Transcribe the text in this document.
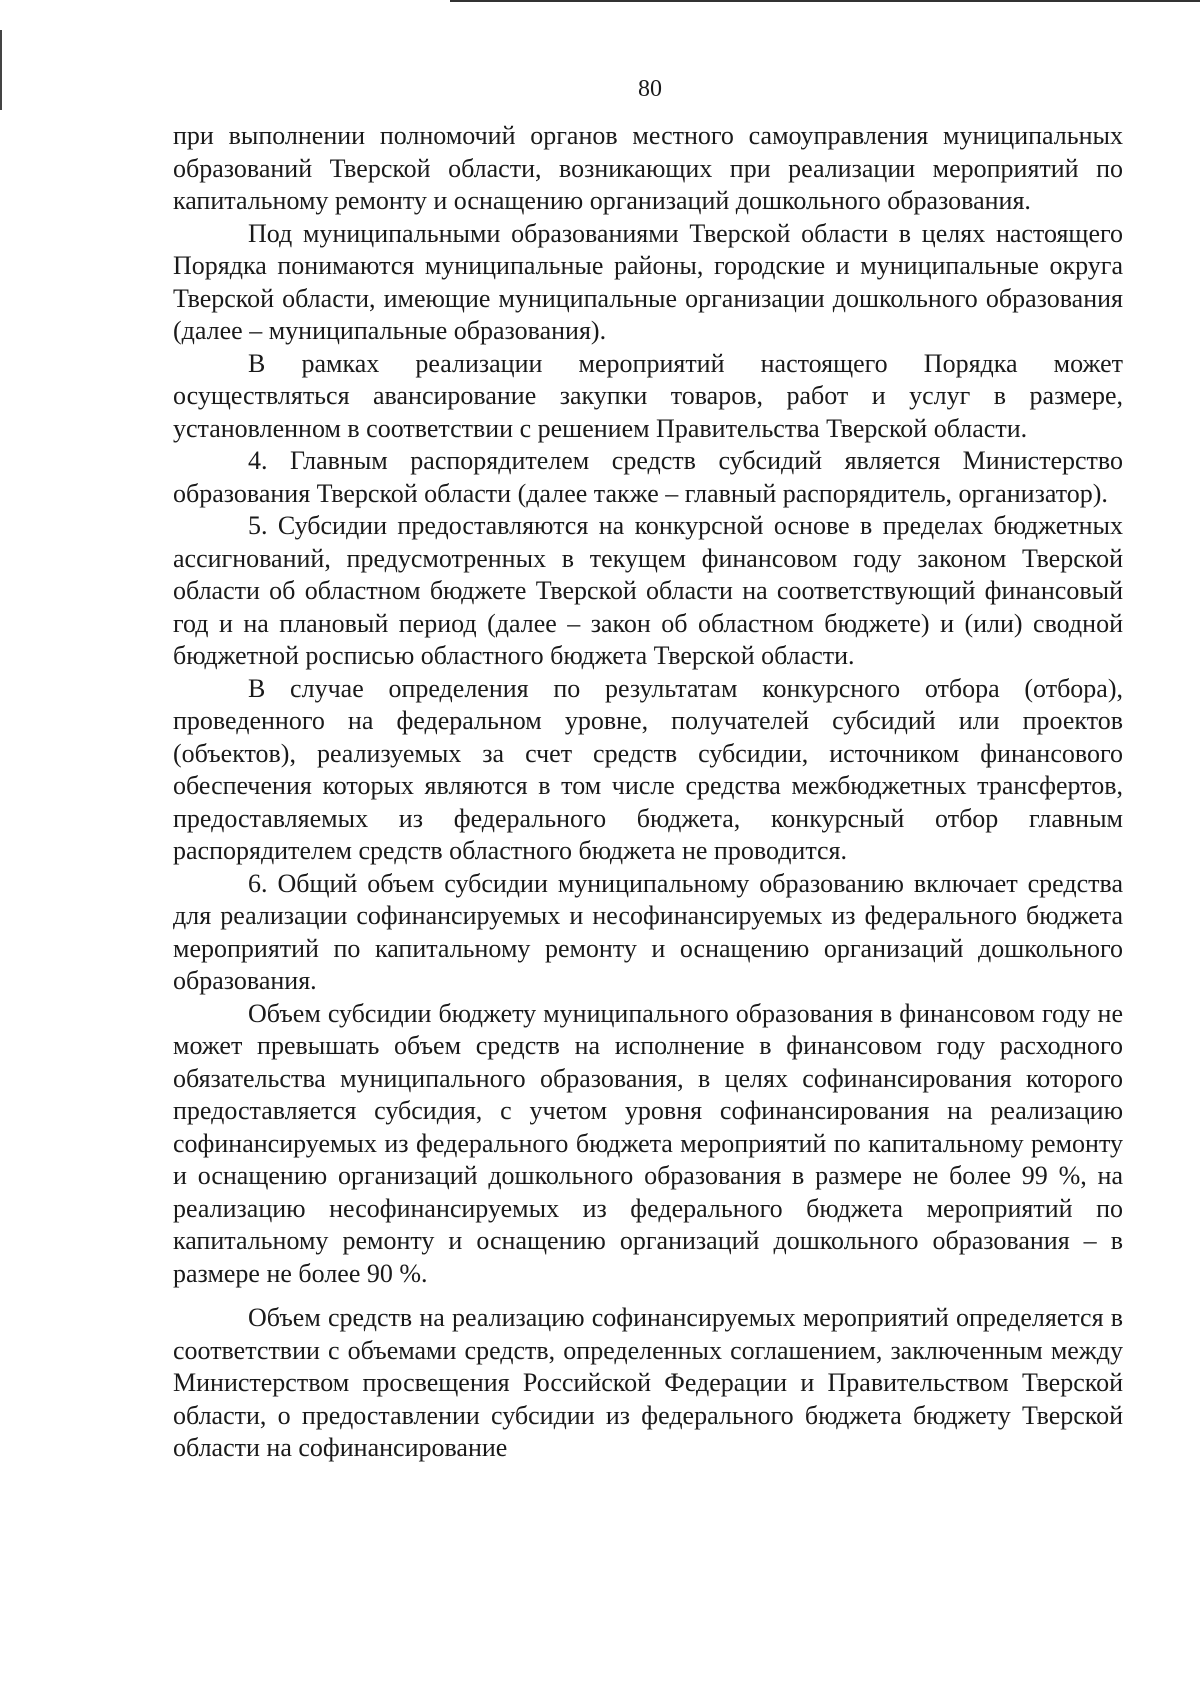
80

при выполнении полномочий органов местного самоуправления муниципальных образований Тверской области, возникающих при реализации мероприятий по капитальному ремонту и оснащению организаций дошкольного образования.

Под муниципальными образованиями Тверской области в целях настоящего Порядка понимаются муниципальные районы, городские и муниципальные округа Тверской области, имеющие муниципальные организации дошкольного образования (далее – муниципальные образования).

В рамках реализации мероприятий настоящего Порядка может осуществляться авансирование закупки товаров, работ и услуг в размере, установленном в соответствии с решением Правительства Тверской области.

4. Главным распорядителем средств субсидий является Министерство образования Тверской области (далее также – главный распорядитель, организатор).

5. Субсидии предоставляются на конкурсной основе в пределах бюджетных ассигнований, предусмотренных в текущем финансовом году законом Тверской области об областном бюджете Тверской области на соответствующий финансовый год и на плановый период (далее – закон об областном бюджете) и (или) сводной бюджетной росписью областного бюджета Тверской области.

В случае определения по результатам конкурсного отбора (отбора), проведенного на федеральном уровне, получателей субсидий или проектов (объектов), реализуемых за счет средств субсидии, источником финансового обеспечения которых являются в том числе средства межбюджетных трансфертов, предоставляемых из федерального бюджета, конкурсный отбор главным распорядителем средств областного бюджета не проводится.

6. Общий объем субсидии муниципальному образованию включает средства для реализации софинансируемых и несофинансируемых из федерального бюджета мероприятий по капитальному ремонту и оснащению организаций дошкольного образования.

Объем субсидии бюджету муниципального образования в финансовом году не может превышать объем средств на исполнение в финансовом году расходного обязательства муниципального образования, в целях софинансирования которого предоставляется субсидия, с учетом уровня софинансирования на реализацию софинансируемых из федерального бюджета мероприятий по капитальному ремонту и оснащению организаций дошкольного образования в размере не более 99 %, на реализацию несофинансируемых из федерального бюджета мероприятий по капитальному ремонту и оснащению организаций дошкольного образования – в размере не более 90 %.

Объем средств на реализацию софинансируемых мероприятий определяется в соответствии с объемами средств, определенных соглашением, заключенным между Министерством просвещения Российской Федерации и Правительством Тверской области, о предоставлении субсидии из федерального бюджета бюджету Тверской области на софинансирование
